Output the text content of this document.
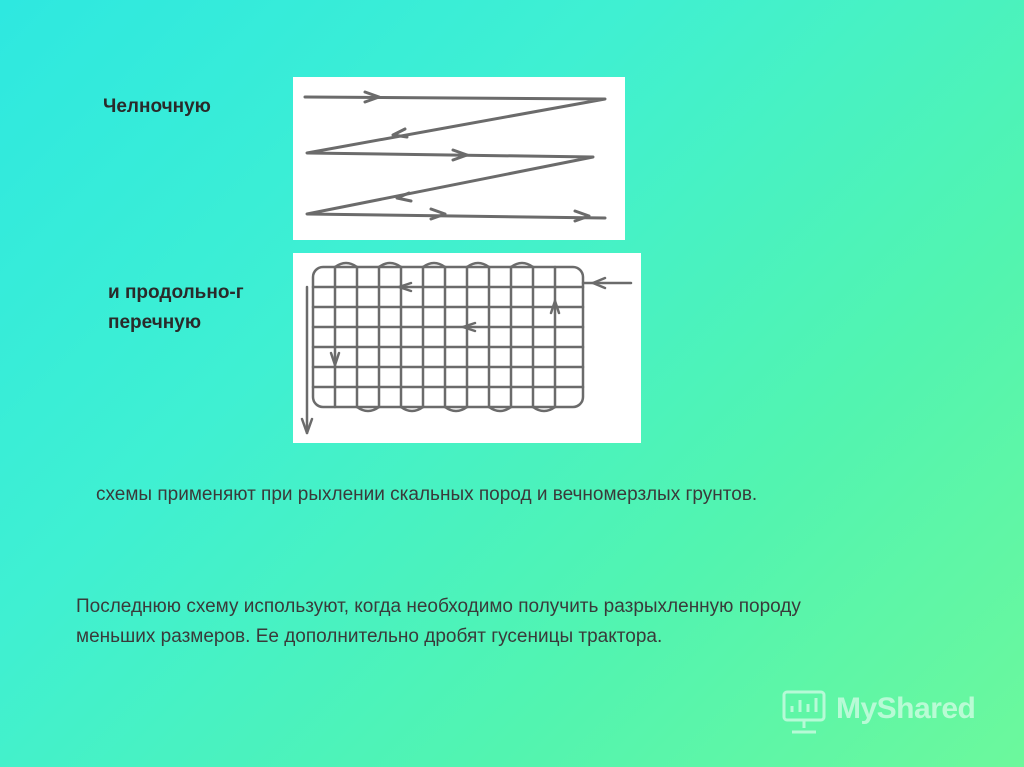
Челночную
и продольно-г
перечную
схемы применяют при рыхлении скальных пород и вечномерзлых грунтов.
Последнюю схему используют, когда необходимо получить разрыхленную породу меньших размеров. Ее дополнительно дробят гусеницы трактора.
MyShared
